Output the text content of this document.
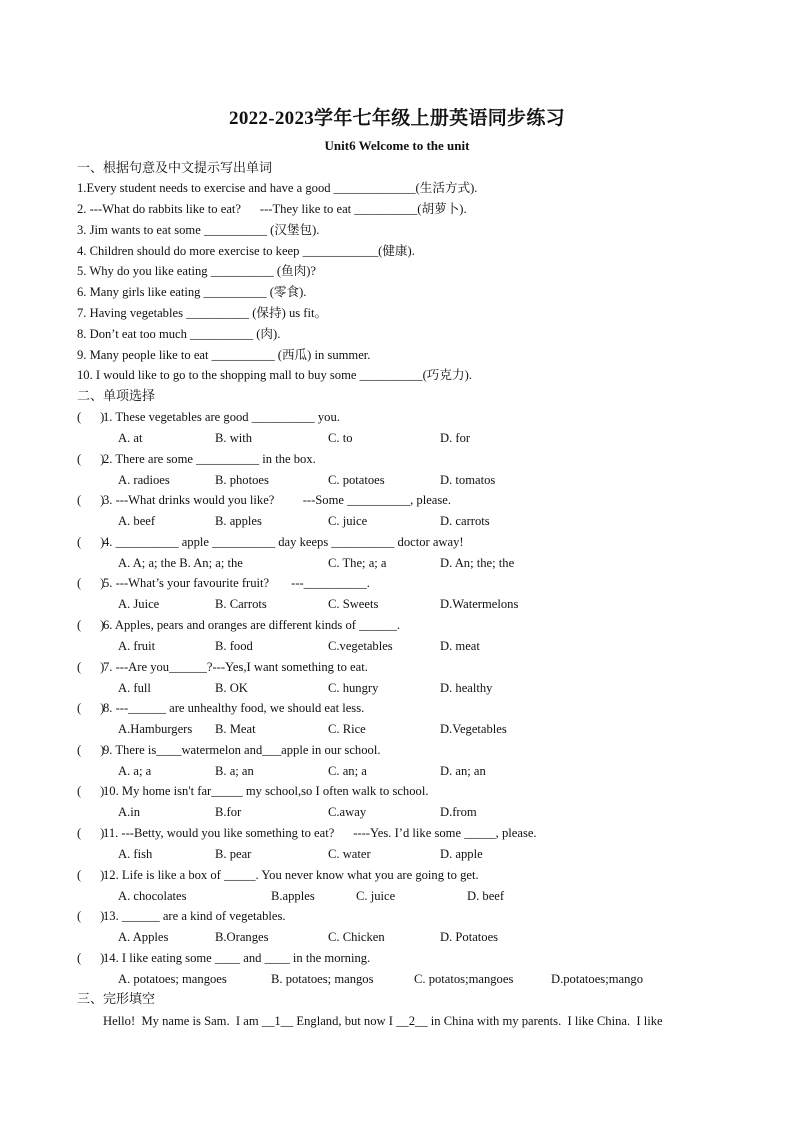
2022-2023学年七年级上册英语同步练习
Unit6 Welcome to the unit
一、根据句意及中文提示写出单词
1.Every student needs to exercise and have a good _____________(生活方式).
2. ---What do rabbits like to eat?      ---They like to eat __________(胡萝卜).
3. Jim wants to eat some __________ (汉堡包).
4. Children should do more exercise to keep ____________(健康).
5. Why do you like eating __________ (鱼肉)?
6. Many girls like eating __________ (零食).
7. Having vegetables __________ (保持) us fit。
8. Don’t eat too much __________ (肉).
9. Many people like to eat __________ (西瓜) in summer.
10. I would like to go to the shopping mall to buy some __________(巧克力).
二、单项选择
(      )
1. These vegetables are good __________ you.
A. at	B. with	C. to	D. for
(      )
2. There are some __________ in the box.
A. radioes	B. photoes	C. potatoes	D. tomatos
(      )
3. ---What drinks would you like?         ---Some __________, please.
A. beef	B. apples	C. juice	D. carrots
(      )
4. __________ apple __________ day keeps __________ doctor away!
A. A; a; the B. An; a; the	C. The; a; a	D. An; the; the
(      )
5. ---What’s your favourite fruit?       ---__________.
A. Juice	B. Carrots	C. Sweets	D.Watermelons
(      )
6. Apples, pears and oranges are different kinds of ______.
A. fruit	B. food	C.vegetables	D. meat
(      )
7. ---Are you______?---Yes,I want something to eat.
A. full	B. OK	C. hungry	D. healthy
(      )
8. ---______ are unhealthy food, we should eat less.
A.Hamburgers B. Meat	C. Rice	D.Vegetables
(      )
9. There is____watermelon and___apple in our school.
A. a; a	B. a; an	C. an; a	D. an; an
(      )
10. My home isn't far_____ my school,so I often walk to school.
A.in	B.for	C.away	D.from
(      )
11. ---Betty, would you like something to eat?      ----Yes. I’d like some _____, please.
A. fish	B. pear	C. water	D. apple
(      )
12. Life is like a box of _____. You never know what you are going to get.
A. chocolates	B.apples	C. juice	D. beef
(      )
13. ______ are a kind of vegetables.
A. Apples	B.Oranges	C. Chicken	D. Potatoes
(      )
14. I like eating some ____ and ____ in the morning.
A. potatoes; mangoes	B. potatoes; mangos	C. potatos;mangoes	D.potatoes;mango
三、完形填空
Hello!  My name is Sam.  I am __1__ England, but now I __2__ in China with my parents.  I like China.  I like
